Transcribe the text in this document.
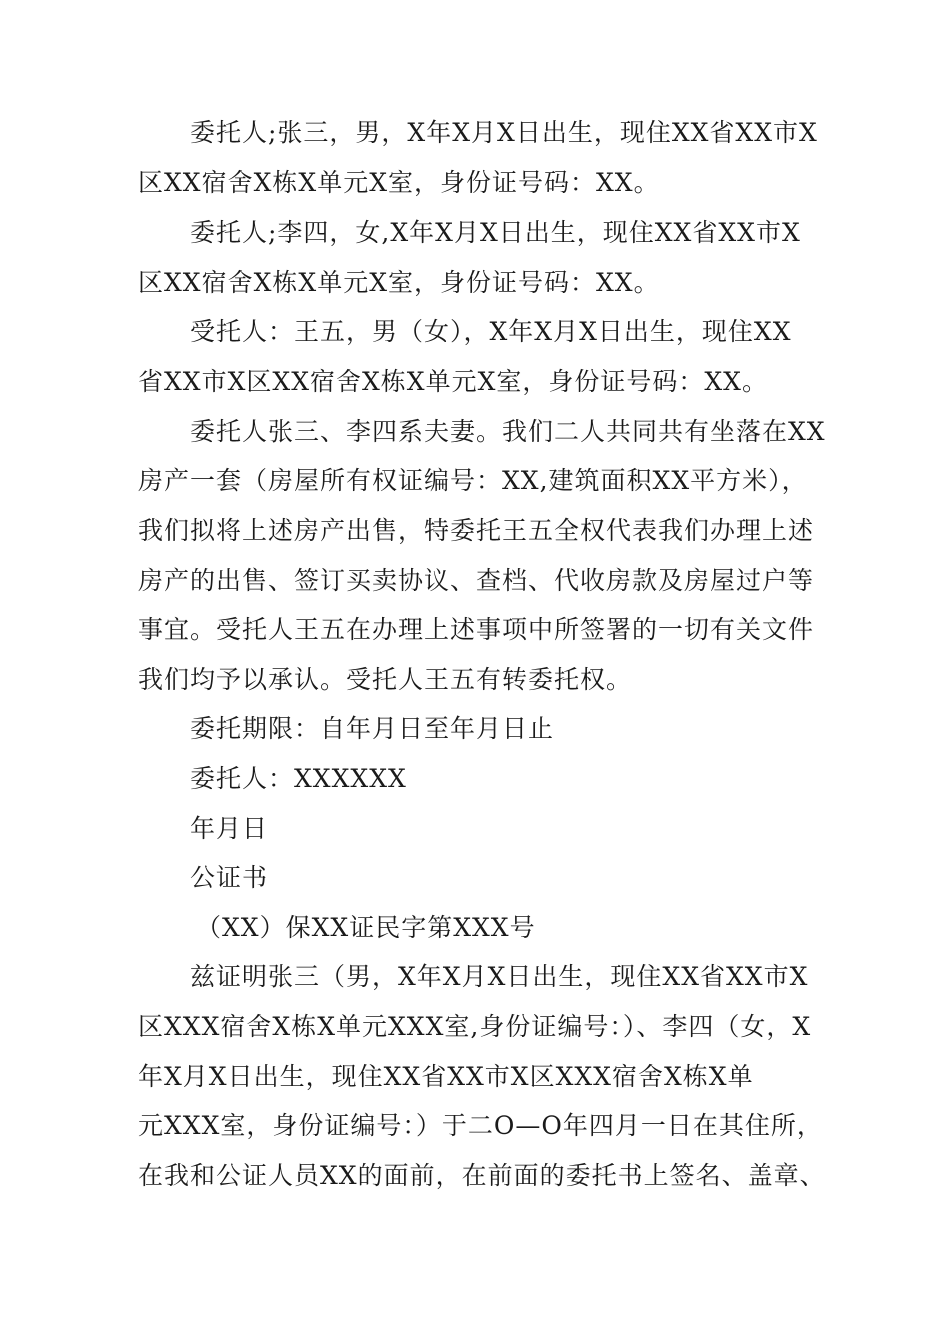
委托人;张三，男，X年X月X日出生，现住XX省XX市X
区XX宿舍X栋X单元X室，身份证号码：XX。
委托人;李四，女,X年X月X日出生，现住XX省XX市X
区XX宿舍X栋X单元X室，身份证号码：XX。
受托人：王五，男（女），X年X月X日出生，现住XX
省XX市X区XX宿舍X栋X单元X室，身份证号码：XX。
委托人张三、李四系夫妻。我们二人共同共有坐落在XX
房产一套（房屋所有权证编号：XX,建筑面积XX平方米），
我们拟将上述房产出售，特委托王五全权代表我们办理上述
房产的出售、签订买卖协议、查档、代收房款及房屋过户等
事宜。受托人王五在办理上述事项中所签署的一切有关文件
我们均予以承认。受托人王五有转委托权。
委托期限：自年月日至年月日止
委托人：XXXXXX
年月日
公证书
（XX）保XX证民字第XXX号
兹证明张三（男，X年X月X日出生，现住XX省XX市X
区XXX宿舍X栋X单元XXX室,身份证编号：）、李四（女，X
年X月X日出生，现住XX省XX市X区XXX宿舍X栋X单
元XXX室，身份证编号：）于二O—O年四月一日在其住所，
在我和公证人员XX的面前，在前面的委托书上签名、盖章、
